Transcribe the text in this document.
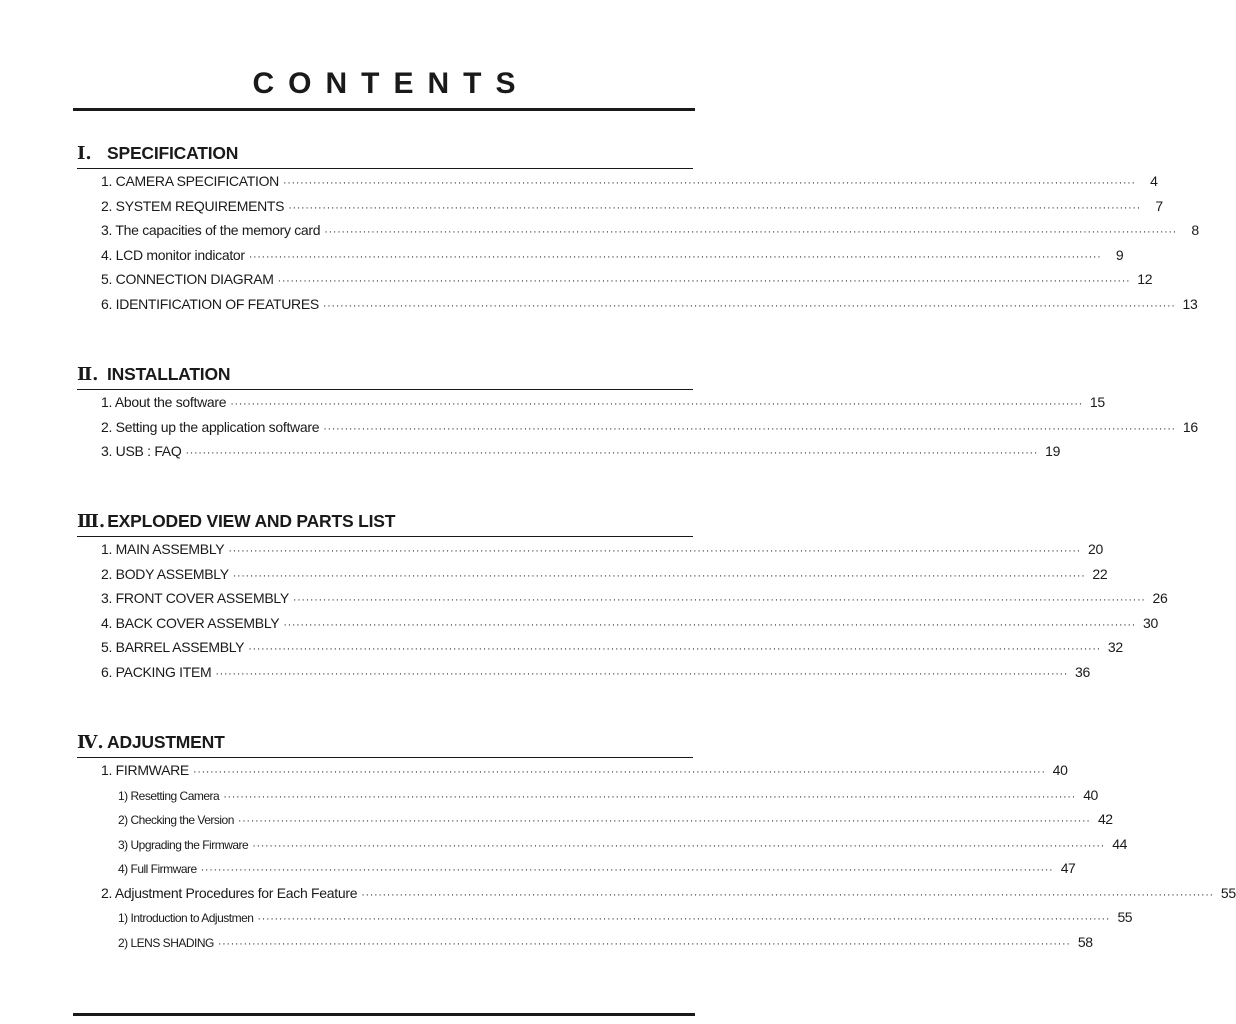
CONTENTS
Ⅰ. SPECIFICATION
1. CAMERA SPECIFICATION ········································································································································································································	4
2. SYSTEM REQUIREMENTS ········································································································································································································	7
3. The capacities of the memory card ········································································································································································································	8
4. LCD monitor indicator ········································································································································································································	9
5. CONNECTION DIAGRAM ········································································································································································································ 12
6. IDENTIFICATION OF FEATURES ········································································································································································································ 13
Ⅱ. INSTALLATION
1. About the software ········································································································································································································ 15
2. Setting up the application software ········································································································································································································ 16
3. USB : FAQ ········································································································································································································ 19
Ⅲ. EXPLODED VIEW AND PARTS LIST
1. MAIN ASSEMBLY ········································································································································································································ 20
2. BODY ASSEMBLY ········································································································································································································ 22
3. FRONT COVER ASSEMBLY ········································································································································································································ 26
4. BACK COVER ASSEMBLY ········································································································································································································ 30
5. BARREL ASSEMBLY ········································································································································································································ 32
6. PACKING ITEM ········································································································································································································ 36
Ⅳ. ADJUSTMENT
1. FIRMWARE ········································································································································································································ 40
1) Resetting Camera ········································································································································································································ 40
2) Checking the Version ········································································································································································································ 42
3) Upgrading the Firmware ········································································································································································································ 44
4) Full Firmware ········································································································································································································ 47
2. Adjustment Procedures for Each Feature ········································································································································································································ 55
1) Introduction to Adjustmen ········································································································································································································ 55
2) LENS SHADING ········································································································································································································ 58
